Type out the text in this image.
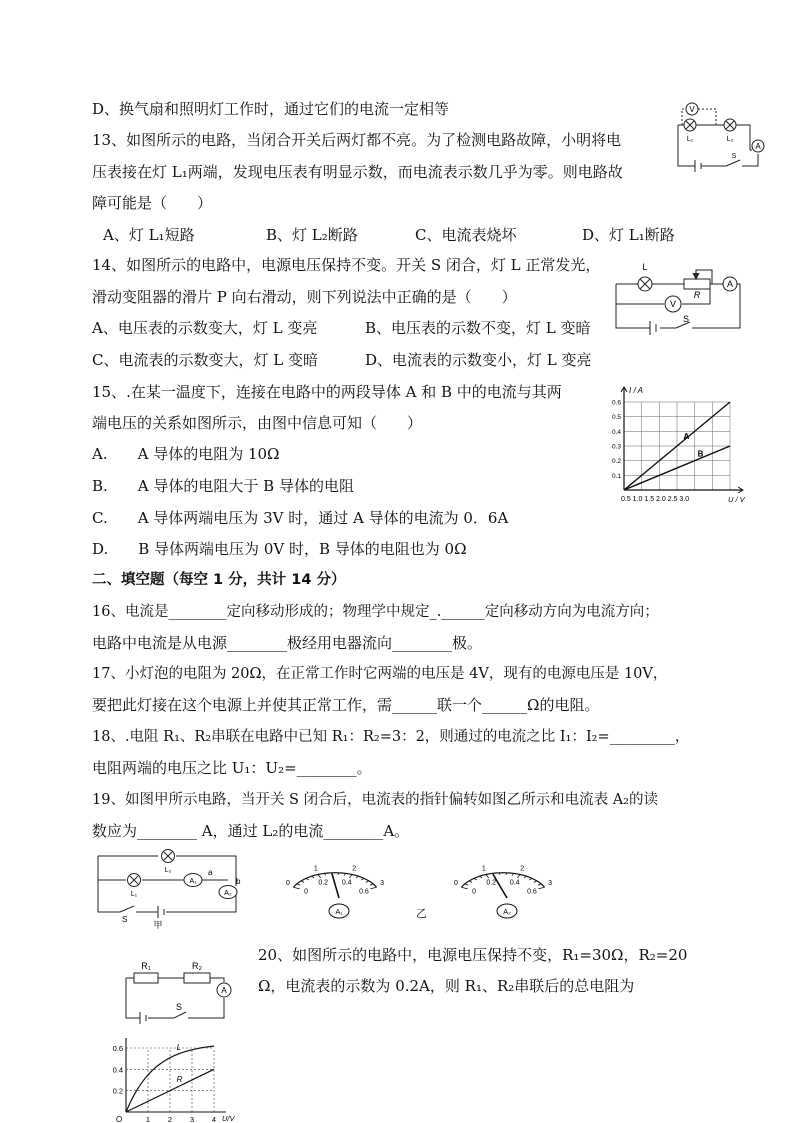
D、换气扇和照明灯工作时，通过它们的电流一定相等
13、如图所示的电路，当闭合开关后两灯都不亮。为了检测电路故障，小明将电
压表接在灯 L₁两端，发现电压表有明显示数，而电流表示数几乎为零。则电路故
障可能是（　　）
A、灯 L₁短路	B、灯 L₂断路	C、电流表烧坏	D、灯 L₁断路
14、如图所示的电路中，电源电压保持不变。开关 S 闭合，灯 L 正常发光，
滑动变阻器的滑片 P 向右滑动，则下列说法中正确的是（　　）
A、电压表的示数变大，灯 L 变亮	B、电压表的示数不变，灯 L 变暗
C、电流表的示数变大，灯 L 变暗	D、电流表的示数变小，灯 L 变亮
15、.在某一温度下，连接在电路中的两段导体 A 和 B 中的电流与其两
端电压的关系如图所示，由图中信息可知（　　）
A.　　A 导体的电阻为 10Ω
B.　　A 导体的电阻大于 B 导体的电阻
C.　　A 导体两端电压为 3V 时，通过 A 导体的电流为 0．6A
D.　　B 导体两端电压为 0V 时，B 导体的电阻也为 0Ω
二、填空题（每空 1 分，共计 14 分）
16、电流是________定向移动形成的；物理学中规定_.______定向移动方向为电流方向；
电路中电流是从电源________极经用电器流向________极。
17、小灯泡的电阻为 20Ω，在正常工作时它两端的电压是 4V，现有的电源电压是 10V，
要把此灯接在这个电源上并使其正常工作，需______联一个______Ω的电阻。
18、.电阻 R₁、R₂串联在电路中已知 R₁：R₂=3：2，则通过的电流之比 I₁：I₂=_________，
电阻两端的电压之比 U₁：U₂=________。
19、如图甲所示电路，当开关 S 闭合后，电流表的指针偏转如图乙所示和电流表 A₂的读
数应为________ A，通过 L₂的电流________A。
20、如图所示的电路中，电源电压保持不变，R₁=30Ω，R₂=20
Ω，电流表的示数为 0.2A，则 R₁、R₂串联后的总电阻为
V
A
L₁	L₂
S
L
R
A
V
S
I / A
U / V
0.6
0.5
0.4
0.3
0.2
0.1
0.5 1.0 1.5 2.0 2.5 3.0
A
B
L₂
L₁
A₁
A₂
a
b
S
甲
0
0.2 0.4
0.6
0
1	2
3
A₁
0
0.2 0.4
0.6
0
1	2
3
A₂
乙
R₁	R₂
A
S
0.6
0.4
0.2
1 2 3 4
O	U/V
L
R
